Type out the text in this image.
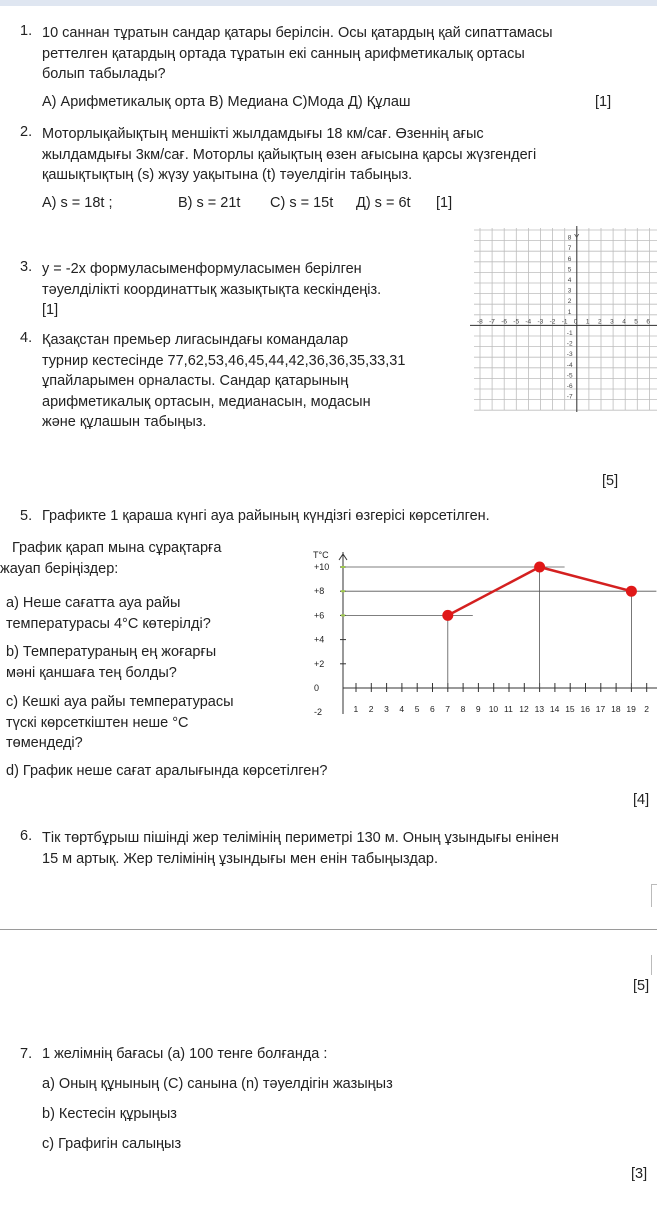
1. 10 саннан тұратын сандар қатары берілсін. Осы қатардың қай сипаттамасы
реттелген қатардың ортада тұратын екі санның арифметикалық ортасы
болып табылады?
A) Арифметикалық орта B) Медиана C)Мода Д) Құлаш	[1]
2. Моторлықайықтың меншікті жылдамдығы 18 км/сағ. Өзеннің ағыс
жылдамдығы 3км/сағ. Моторлы қайықтың өзен ағысына қарсы жүзгендегі
қашықтықтың (s) жүзу уақытына (t) тәуелдігін табыңыз.
A) s = 18t ;	B) s = 21t C) s = 15t Д) s = 6t [1]
3. y = -2x формуласыменформуласымен берілген
тәуелділікті координаттық жазықтықта кескіндеңіз.
[1]
4. Қазақстан премьер лигасындағы командалар
турнир кестесінде 77,62,53,46,45,44,42,36,36,35,33,31
ұпайларымен орналасты. Сандар қатарының
арифметикалық ортасын, медианасын, модасын
және құлашын табыңыз.
[5]
-8 -7 -6 -5 -4 -3 -2 -1 0 1 2 3 4 5 6
8
7
6
5
4
3
2
1
-1
-2
-3
-4
-5
-6
-7
Y
5. Графикте 1 қараша күнгі ауа райының күндізгі өзгерісі көрсетілген.
График қарап мына сұрақтарға
жауап беріңіздер:
a) Неше сағатта ауа райы
температурасы 4°C көтерілді?
b) Температураның ең жоғарғы
мәні қаншаға тең болды?
c) Кешкі ауа райы температурасы
түскі көрсеткіштен неше °C
төмендеді?
d) График неше сағат аралығында көрсетілген?
[4]
T°C
+10
+8
+6
+4
+2
0
-2	1 2 3 4 5 6 7 8 9 10 11 12 13 14 15 16 17 18 19 2
6. Тік төртбұрыш пішінді жер телімінің периметрі 130 м. Оның ұзындығы енінен
15 м артық. Жер телімінің ұзындығы мен енін табыңыздар.
[5]
7. 1 желімнің бағасы (a) 100 тенге болғанда :
a) Оның құнының (C) санына (n) тәуелдігін жазыңыз
b) Кестесін құрыңыз
c) Графигін салыңыз
[3]
